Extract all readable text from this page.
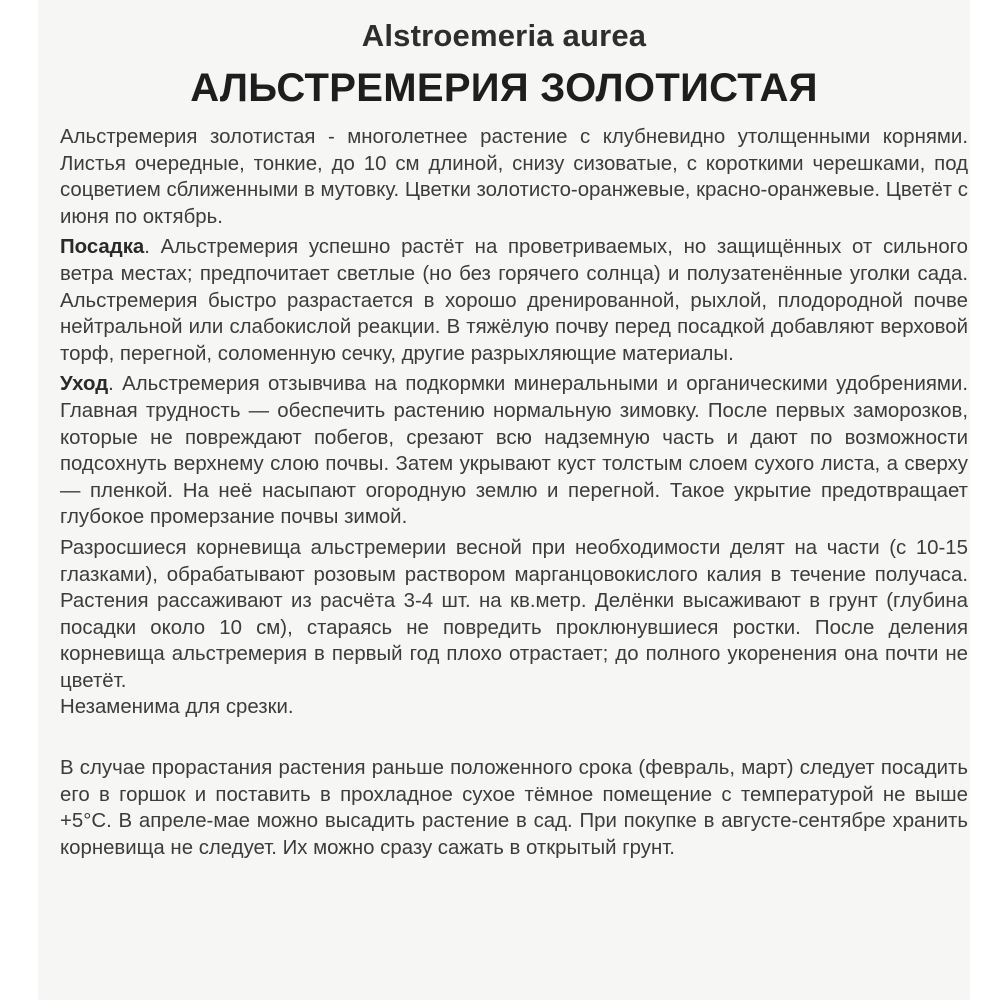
Alstroemeria aurea
АЛЬСТРЕМЕРИЯ ЗОЛОТИСТАЯ

Альстремерия золотистая - многолетнее растение с клубневидно утолщенными корнями. Листья очередные, тонкие, до 10 см длиной, снизу сизоватые, с короткими черешками, под соцветием сближенными в мутовку. Цветки золотисто-оранжевые, красно-оранжевые. Цветёт с июня по октябрь.

Посадка. Альстремерия успешно растёт на проветриваемых, но защищённых от сильного ветра местах; предпочитает светлые (но без горячего солнца) и полузатенённые уголки сада. Альстремерия быстро разрастается в хорошо дренированной, рыхлой, плодородной почве нейтральной или слабокислой реакции. В тяжёлую почву перед посадкой добавляют верховой торф, перегной, соломенную сечку, другие разрыхляющие материалы.

Уход. Альстремерия отзывчива на подкормки минеральными и органическими удобрениями. Главная трудность — обеспечить растению нормальную зимовку. После первых заморозков, которые не повреждают побегов, срезают всю надземную часть и дают по возможности подсохнуть верхнему слою почвы. Затем укрывают куст толстым слоем сухого листа, а сверху — пленкой. На неё насыпают огородную землю и перегной. Такое укрытие предотвращает глубокое промерзание почвы зимой.

Разросшиеся корневища альстремерии весной при необходимости делят на части (с 10-15 глазками), обрабатывают розовым раствором марганцовокислого калия в течение получаса. Растения рассаживают из расчёта 3-4 шт. на кв.метр. Делёнки высаживают в грунт (глубина посадки около 10 см), стараясь не повредить проклюнувшиеся ростки. После деления корневища альстремерия в первый год плохо отрастает; до полного укоренения она почти не цветёт.

Незаменима для срезки.

В случае прорастания растения раньше положенного срока (февраль, март) следует посадить его в горшок и поставить в прохладное сухое тёмное помещение с температурой не выше +5°С. В апреле-мае можно высадить растение в сад. При покупке в августе-сентябре хранить корневища не следует. Их можно сразу сажать в открытый грунт.
